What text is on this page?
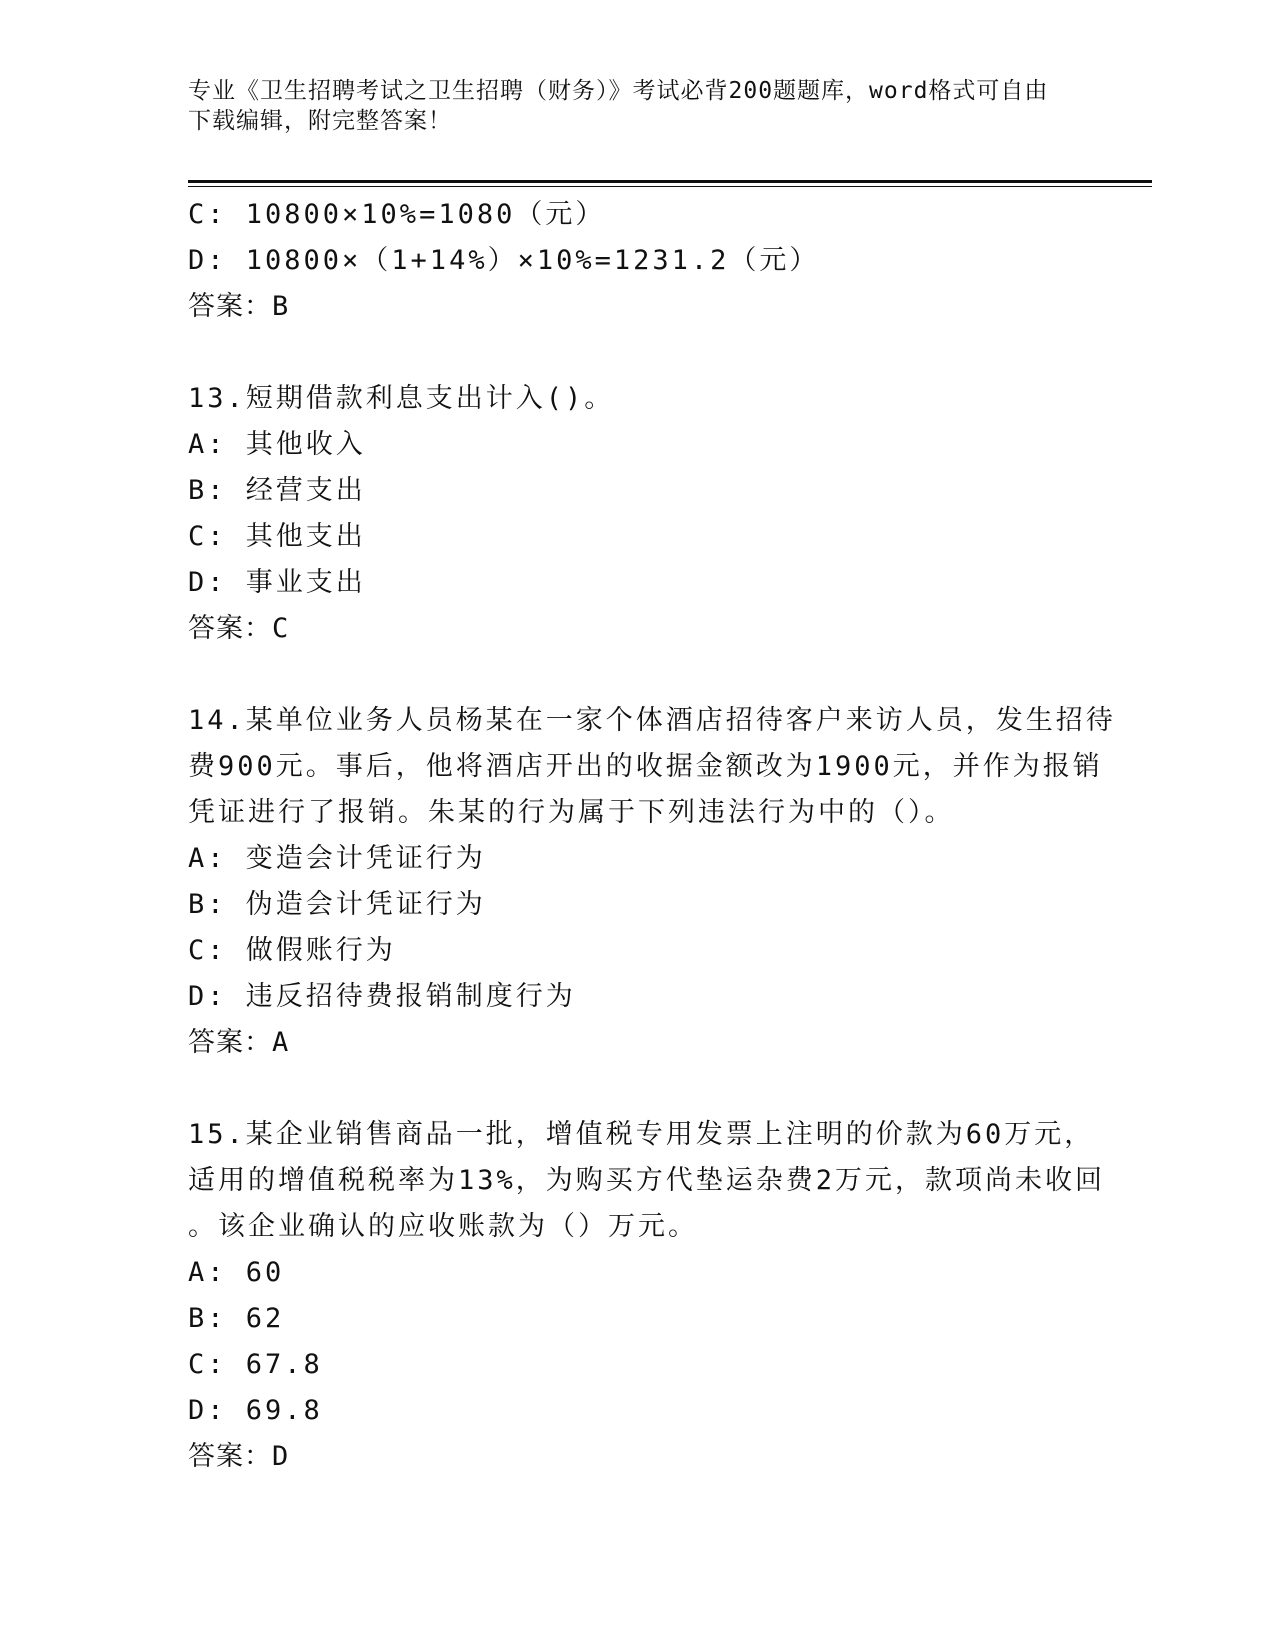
专业《卫生招聘考试之卫生招聘（财务）》考试必背200题题库，word格式可自由下载编辑，附完整答案！
C: 10800×10%=1080（元）
D: 10800×（1+14%）×10%=1231.2（元）
答案：B
13.短期借款利息支出计入()。
A: 其他收入
B: 经营支出
C: 其他支出
D: 事业支出
答案：C
14.某单位业务人员杨某在一家个体酒店招待客户来访人员，发生招待
费900元。事后，他将酒店开出的收据金额改为1900元，并作为报销
凭证进行了报销。朱某的行为属于下列违法行为中的（）。
A: 变造会计凭证行为
B: 伪造会计凭证行为
C: 做假账行为
D: 违反招待费报销制度行为
答案：A
15.某企业销售商品一批，增值税专用发票上注明的价款为60万元，
适用的增值税税率为13%，为购买方代垫运杂费2万元，款项尚未收回
。该企业确认的应收账款为（）万元。
A: 60
B: 62
C: 67.8
D: 69.8
答案：D
